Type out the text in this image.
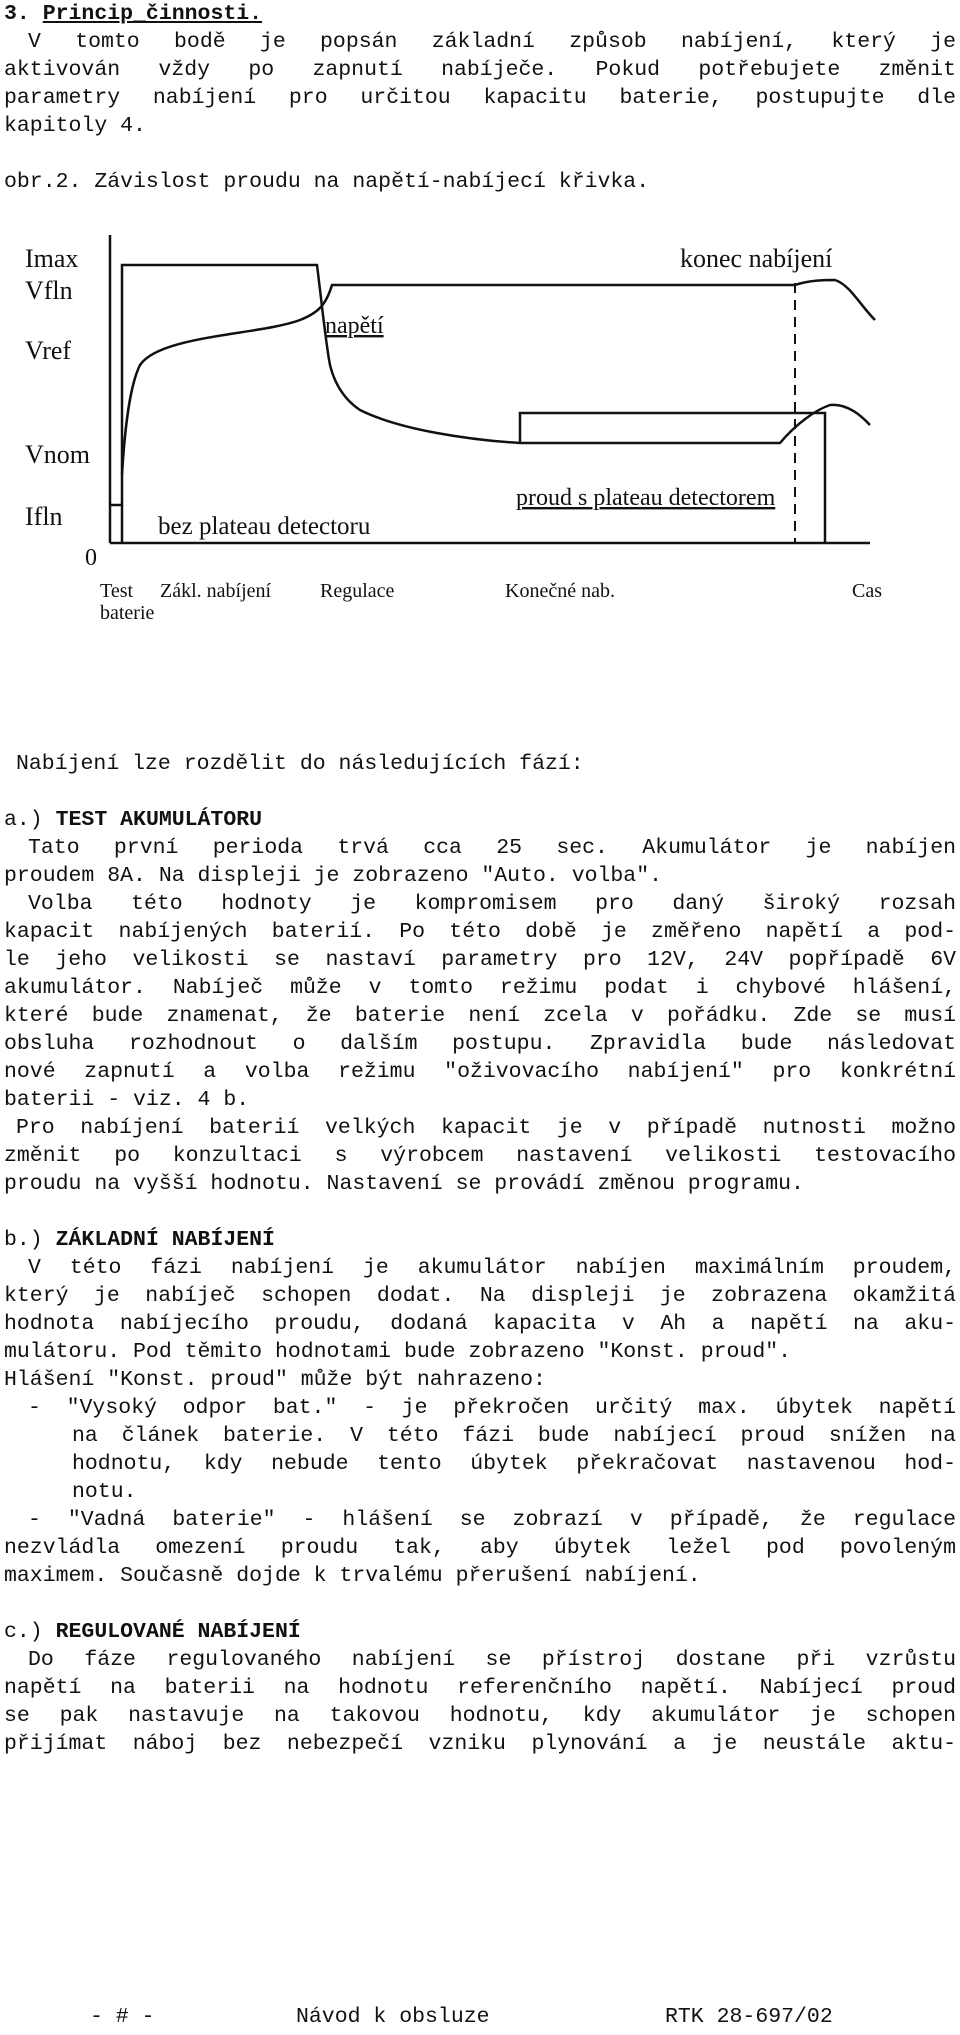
3. Princip_činnosti.
V tomto bodě je popsán základní způsob nabíjení, který je
aktivován vždy po zapnutí nabíječe. Pokud potřebujete změnit
parametry nabíjení pro určitou kapacitu baterie, postupujte dle
kapitoly 4.
obr.2. Závislost proudu na napětí-nabíjecí křivka.
Imax
Vfln
Vref
Vnom
Ifln
0
napětí
konec nabíjení
proud s plateau detectorem
bez plateau detectoru
Test
baterie
Zákl. nabíjení Regulace	Konečné nab.	Cas
Nabíjení lze rozdělit do následujících fází:
a.) TEST AKUMULÁTORU
Tato první perioda trvá cca 25 sec. Akumulátor je nabíjen
proudem 8A. Na displeji je zobrazeno "Auto. volba".
Volba této hodnoty je kompromisem pro daný široký rozsah
kapacit nabíjených baterií. Po této době je změřeno napětí a pod-
le jeho velikosti se nastaví parametry pro 12V, 24V popřípadě 6V
akumulátor. Nabíječ může v tomto režimu podat i chybové hlášení,
které bude znamenat, že baterie není zcela v pořádku. Zde se musí
obsluha rozhodnout o dalším postupu. Zpravidla bude následovat
nové zapnutí a volba režimu "oživovacího nabíjení" pro konkrétní
baterii - viz. 4 b.
Pro nabíjení baterií velkých kapacit je v případě nutnosti možno
změnit po konzultaci s výrobcem nastavení velikosti testovacího
proudu na vyšší hodnotu. Nastavení se provádí změnou programu.
b.) ZÁKLADNÍ NABÍJENÍ
V této fázi nabíjení je akumulátor nabíjen maximálním proudem,
který je nabíječ schopen dodat. Na displeji je zobrazena okamžitá
hodnota nabíjecího proudu, dodaná kapacita v Ah a napětí na aku-
mulátoru. Pod těmito hodnotami bude zobrazeno "Konst. proud".
Hlášení "Konst. proud" může být nahrazeno:
- "Vysoký odpor bat." - je překročen určitý max. úbytek napětí
na článek baterie. V této fázi bude nabíjecí proud snížen na
hodnotu, kdy nebude tento úbytek překračovat nastavenou hod-
notu.
- "Vadná baterie" - hlášení se zobrazí v případě, že regulace
nezvládla omezení proudu tak, aby úbytek ležel pod povoleným
maximem. Současně dojde k trvalému přerušení nabíjení.
c.) REGULOVANÉ NABÍJENÍ
Do fáze regulovaného nabíjení se přístroj dostane při vzrůstu
napětí na baterii na hodnotu referenčního napětí. Nabíjecí proud
se pak nastavuje na takovou hodnotu, kdy akumulátor je schopen
přijímat náboj bez nebezpečí vzniku plynování a je neustále aktu-
- # -	Návod k obsluze	RTK 28-697/02
